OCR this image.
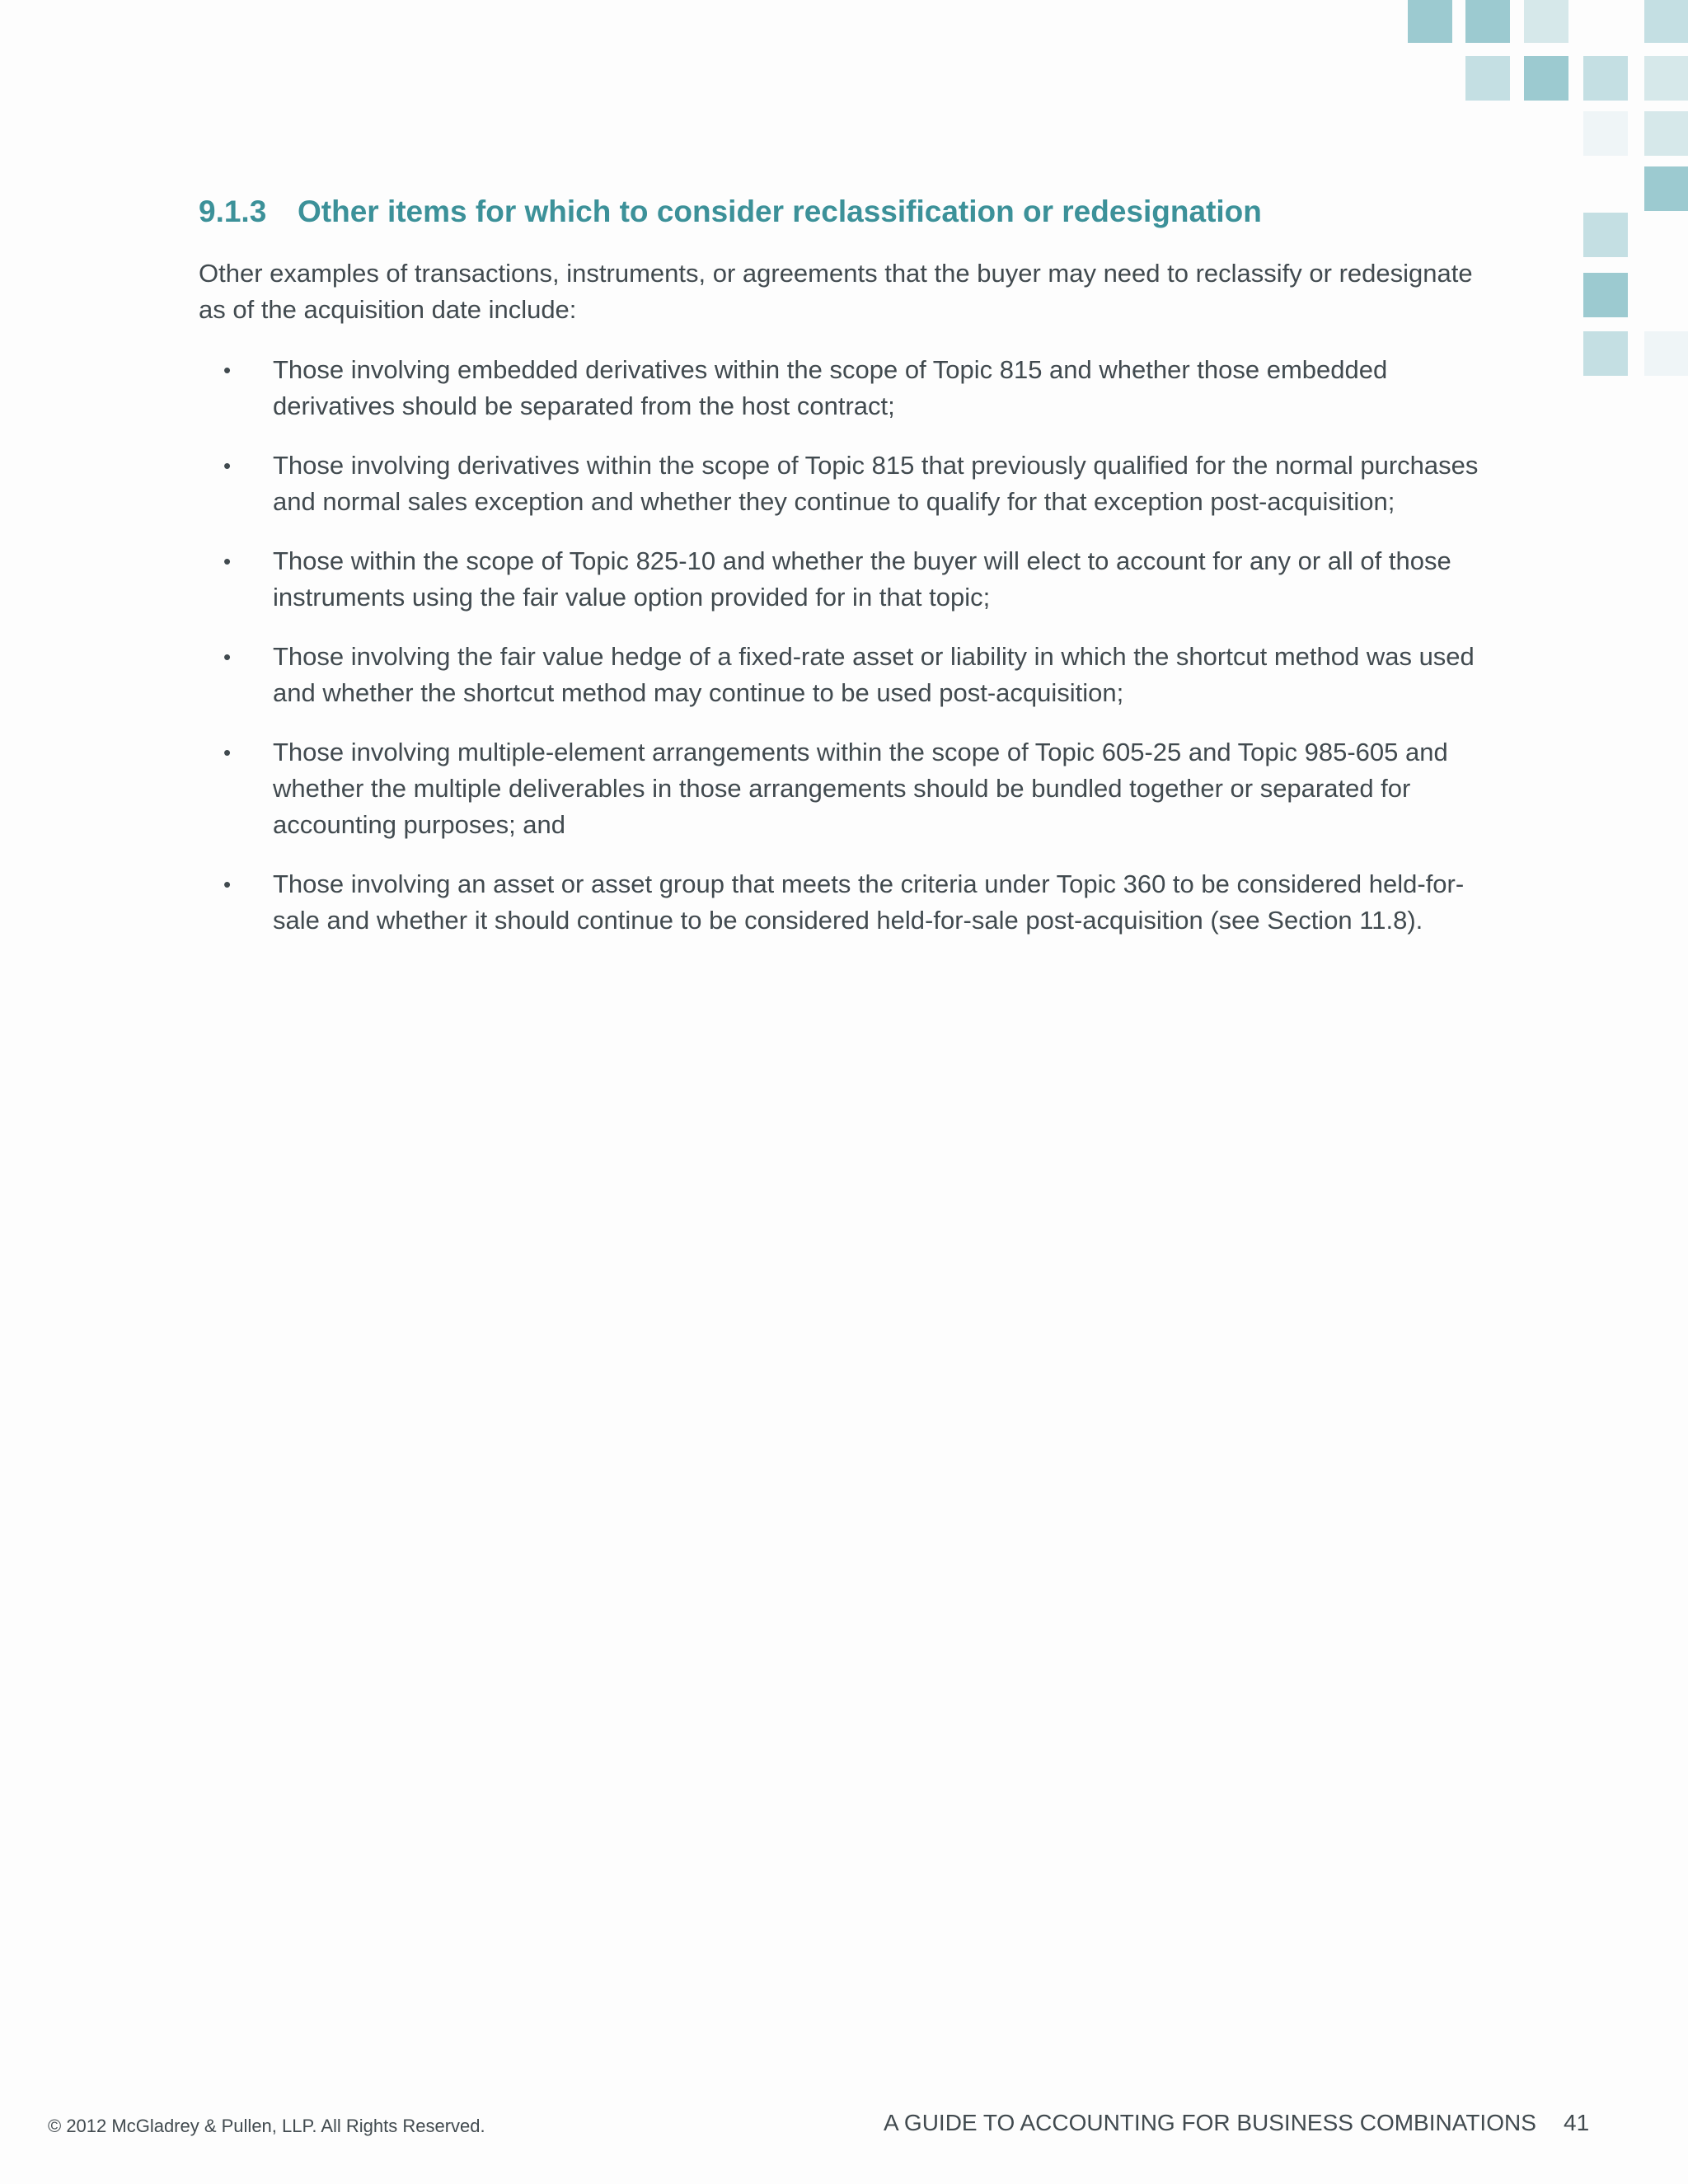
9.1.3 Other items for which to consider reclassification or redesignation

Other examples of transactions, instruments, or agreements that the buyer may need to reclassify or redesignate as of the acquisition date include:

• Those involving embedded derivatives within the scope of Topic 815 and whether those embedded derivatives should be separated from the host contract;
• Those involving derivatives within the scope of Topic 815 that previously qualified for the normal purchases and normal sales exception and whether they continue to qualify for that exception post-acquisition;
• Those within the scope of Topic 825-10 and whether the buyer will elect to account for any or all of those instruments using the fair value option provided for in that topic;
• Those involving the fair value hedge of a fixed-rate asset or liability in which the shortcut method was used and whether the shortcut method may continue to be used post-acquisition;
• Those involving multiple-element arrangements within the scope of Topic 605-25 and Topic 985-605 and whether the multiple deliverables in those arrangements should be bundled together or separated for accounting purposes; and
• Those involving an asset or asset group that meets the criteria under Topic 360 to be considered held-for-sale and whether it should continue to be considered held-for-sale post-acquisition (see Section 11.8).
© 2012 McGladrey & Pullen, LLP. All Rights Reserved.	A GUIDE TO ACCOUNTING FOR BUSINESS COMBINATIONS 41
